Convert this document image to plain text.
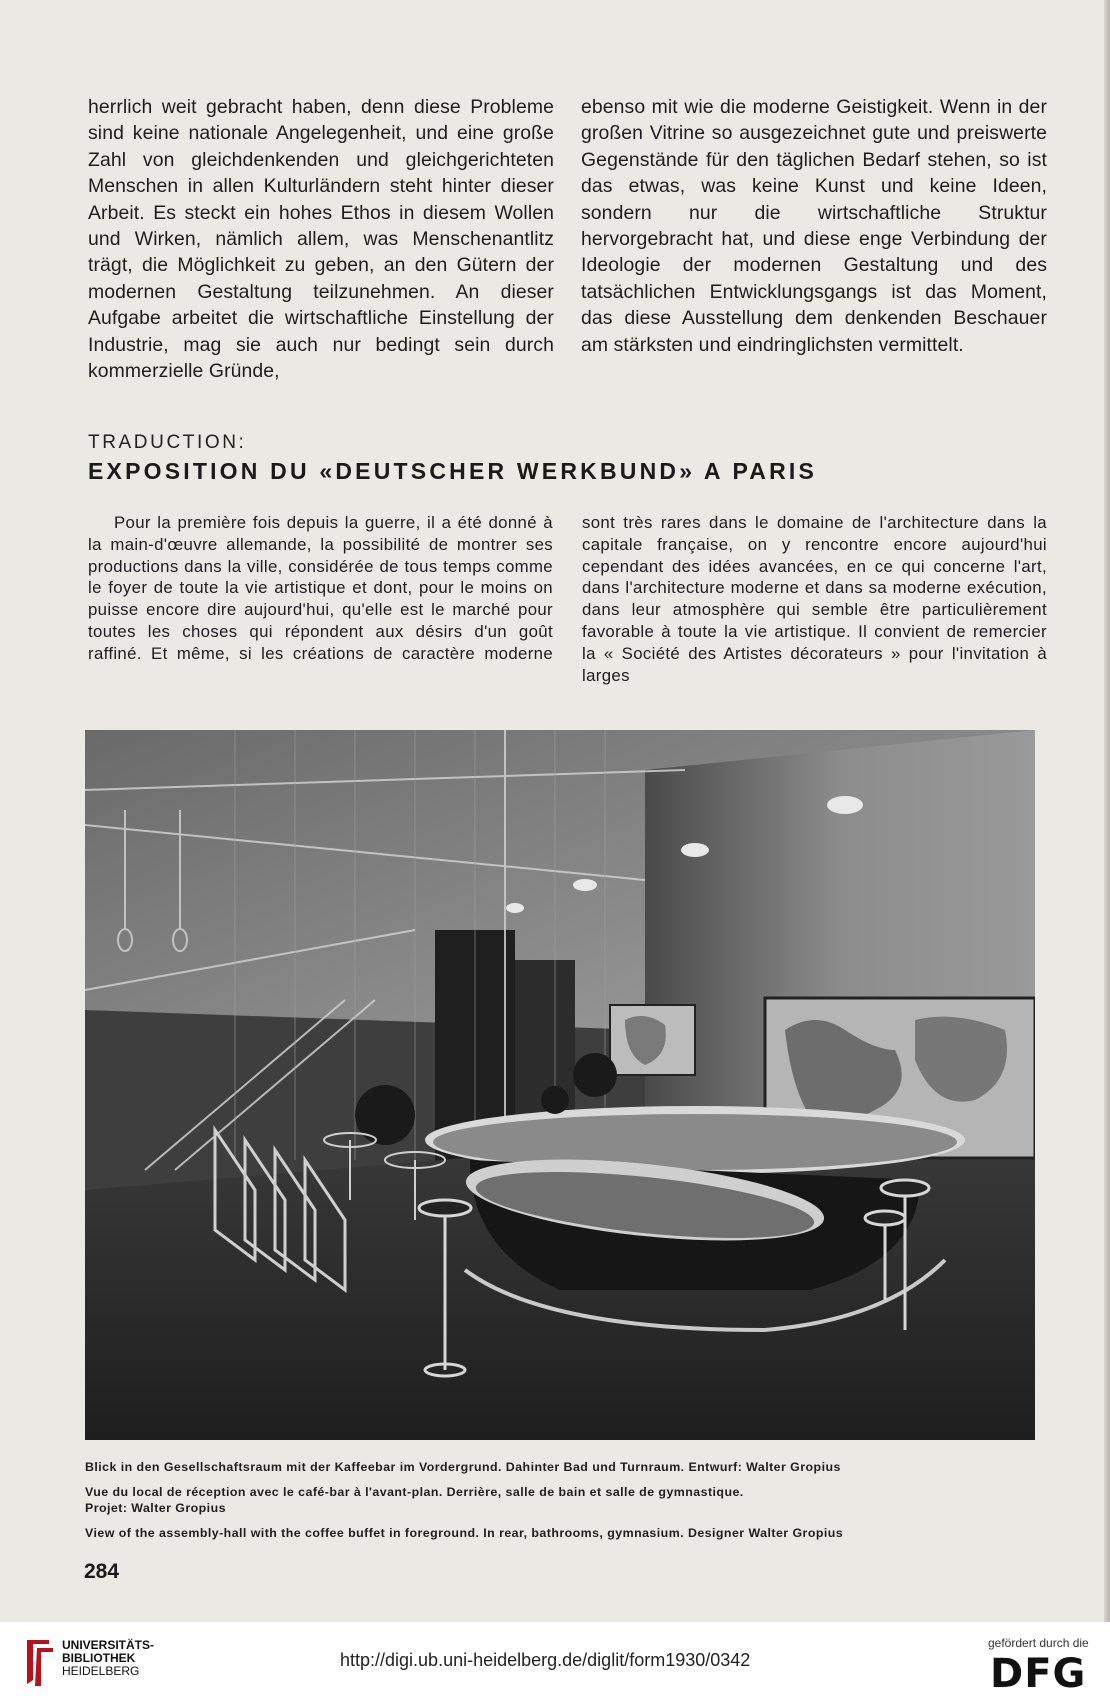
herrlich weit gebracht haben, denn diese Probleme sind keine nationale Angelegenheit, und eine große Zahl von gleichdenkenden und gleichgerichteten Menschen in allen Kulturländern steht hinter dieser Arbeit. Es steckt ein hohes Ethos in diesem Wollen und Wirken, nämlich allem, was Menschenantlitz trägt, die Möglichkeit zu geben, an den Gütern der modernen Gestaltung teilzunehmen. An dieser Aufgabe arbeitet die wirtschaftliche Einstellung der Industrie, mag sie auch nur bedingt sein durch kommerzielle Gründe,

ebenso mit wie die moderne Geistigkeit. Wenn in der großen Vitrine so ausgezeichnet gute und preiswerte Gegenstände für den täglichen Bedarf stehen, so ist das etwas, was keine Kunst und keine Ideen, sondern nur die wirtschaftliche Struktur hervorgebracht hat, und diese enge Verbindung der Ideologie der modernen Gestaltung und des tatsächlichen Entwicklungsgangs ist das Moment, das diese Ausstellung dem denkenden Beschauer am stärksten und eindringlichsten vermittelt.

TRADUCTION:
EXPOSITION DU «DEUTSCHER WERKBUND» A PARIS

Pour la première fois depuis la guerre, il a été donné à la main-d'œuvre allemande, la possibilité de montrer ses productions dans la ville, considérée de tous temps comme le foyer de toute la vie artistique et dont, pour le moins on puisse encore dire aujourd'hui, qu'elle est le marché pour toutes les choses qui répondent aux désirs d'un goût raffiné. Et même, si les créations de caractère moderne

sont très rares dans le domaine de l'architecture dans la capitale française, on y rencontre encore aujourd'hui cependant des idées avancées, en ce qui concerne l'art, dans l'architecture moderne et dans sa moderne exécution, dans leur atmosphère qui semble être particulièrement favorable à toute la vie artistique. Il convient de remercier la « Société des Artistes décorateurs » pour l'invitation à larges

Blick in den Gesellschaftsraum mit der Kaffeebar im Vordergrund. Dahinter Bad und Turnraum. Entwurf: Walter Gropius
Vue du local de réception avec le café-bar à l'avant-plan. Derrière, salle de bain et salle de gymnastique.
Projet: Walter Gropius
View of the assembly-hall with the coffee buffet in foreground. In rear, bathrooms, gymnasium. Designer Walter Gropius
284
UNIVERSITÄTS-
BIBLIOTHEK
HEIDELBERG
http://digi.ub.uni-heidelberg.de/diglit/form1930/0342
gefördert durch die
DFG
